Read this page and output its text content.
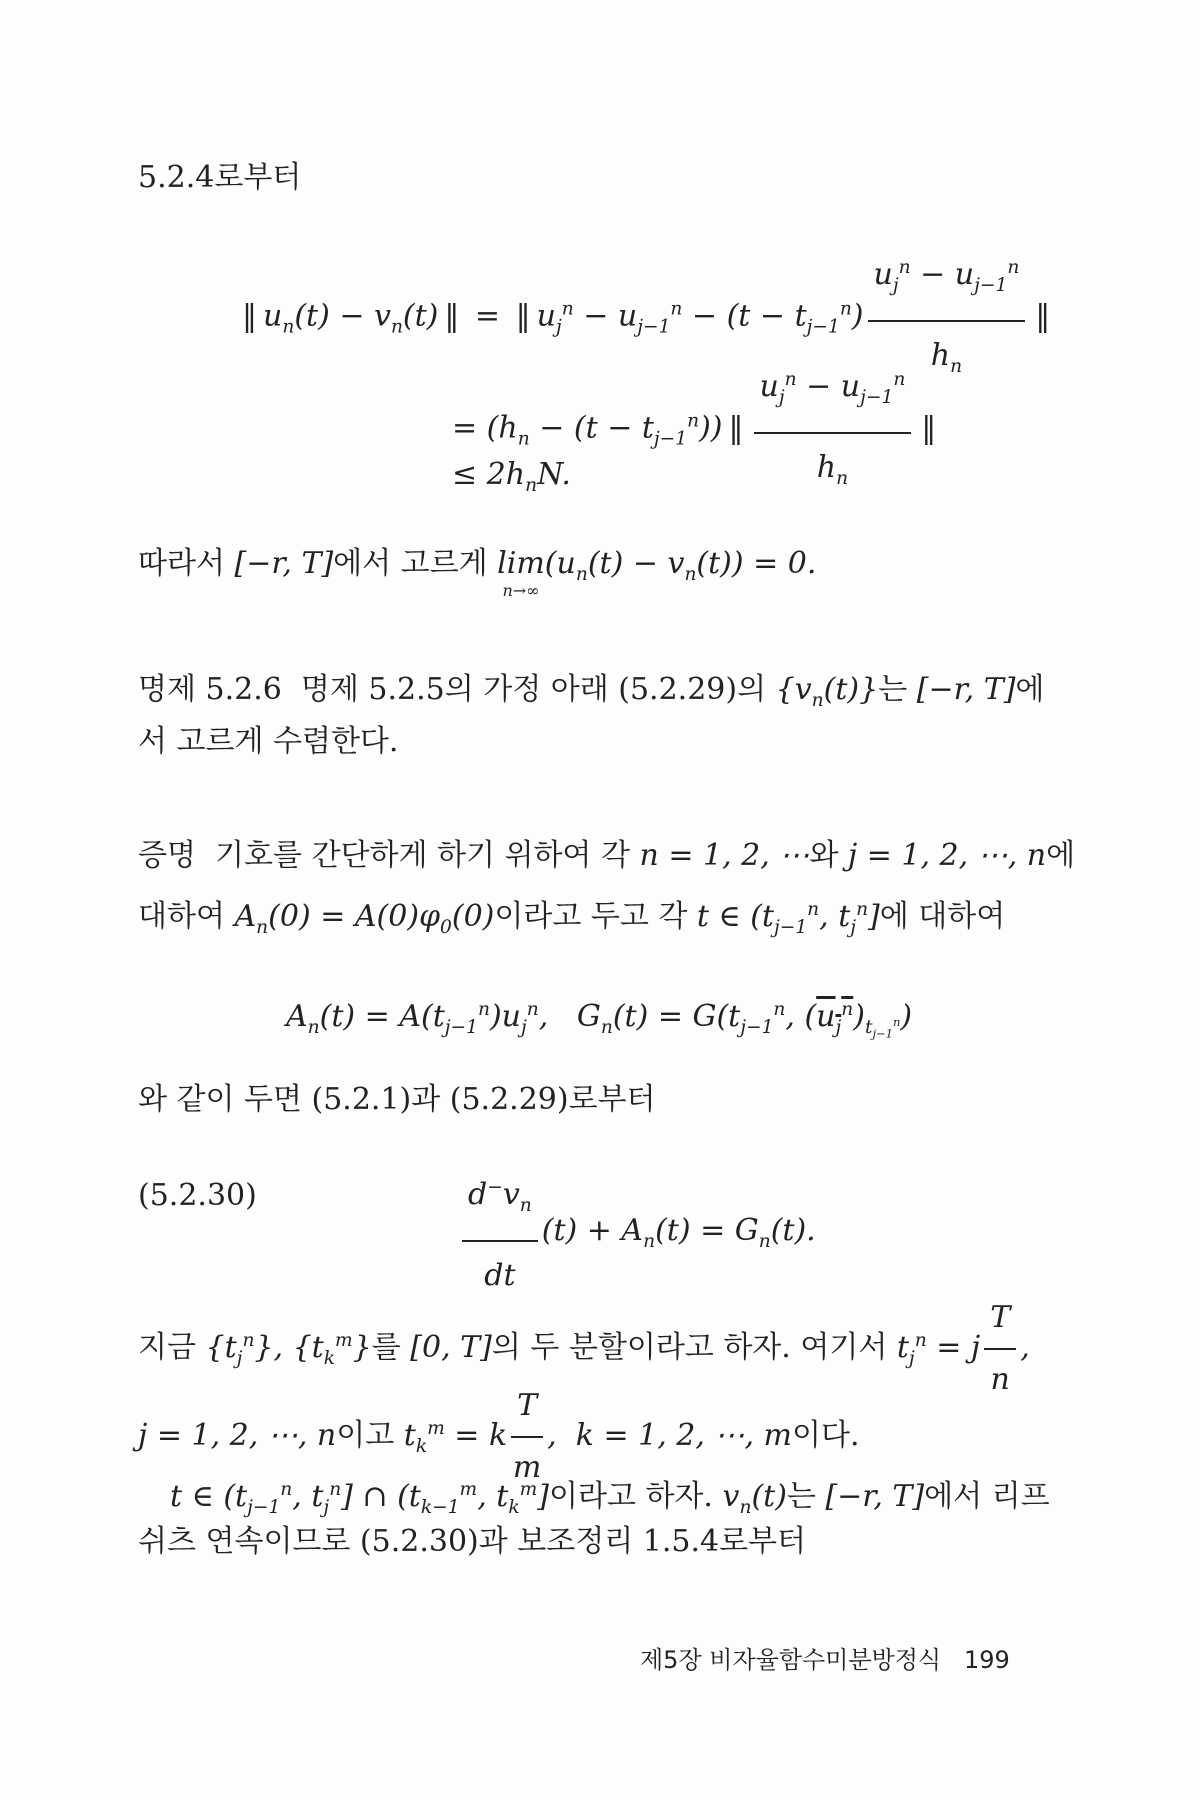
5.2.4로부터
‖ $u_n(t) - v_n(t)$ ‖ = ‖ $u_j^n - u_{j-1}^n - (t - t_{j-1}^n) \frac{u_j^n - u_{j-1}^n}{h_n}$ ‖
= $(h_n - (t - t_{j-1}^n))$ ‖ $\frac{u_j^n - u_{j-1}^n}{h_n}$ ‖
≤ $2h_nN$.
따라서 [−r, T]에서 고르게 lim
n→∞
$(u_n(t) - v_n(t)) = 0$.
명제 5.2.6 명제 5.2.5의 가정 아래 (5.2.29)의 $\{v_n(t)\}$는 [−r, T]에
서 고르게 수렴한다.
증명 기호를 간단하게 하기 위하여 각 n = 1, 2, ⋯와 j = 1, 2, ⋯, n에
대하여 $A_n(0) = A(0)\varphi_0(0)$이라고 두고 각 t ∈ ($t_{j-1}^n$, $t_j^n$]에 대하여
$A_n(t) = A(t_{j-1}^n)u_j^n$,   $G_n(t) = G(t_{j-1}^n$, $(u_j^n)_{t_{j-1}^n}$)
와 같이 두면 (5.2.1)과 (5.2.29)로부터
(5.2.30)	$\frac{d^-v_n}{dt} (t) + A_n(t) = G_n(t)$.
지금 $\{t_j^n\}$, $\{t_k^m\}$를 [0, T]의 두 분할이라고 하자. 여기서 $t_j^n = j \frac{T}{n}$ ,
j = 1, 2, ⋯, n이고 $t_k^m = k \frac{T}{m}$ ,  k = 1, 2, ⋯, m이다.
t ∈ ($t_{j-1}^n$, $t_j^n$] ∩ ($t_{k-1}^m$, $t_k^m$]이라고 하자. $v_n(t)$는 [−r, T]에서 리프
쉬츠 연속이므로 (5.2.30)과 보조정리 1.5.4로부터
제5장 비자율함수미분방정식 199
